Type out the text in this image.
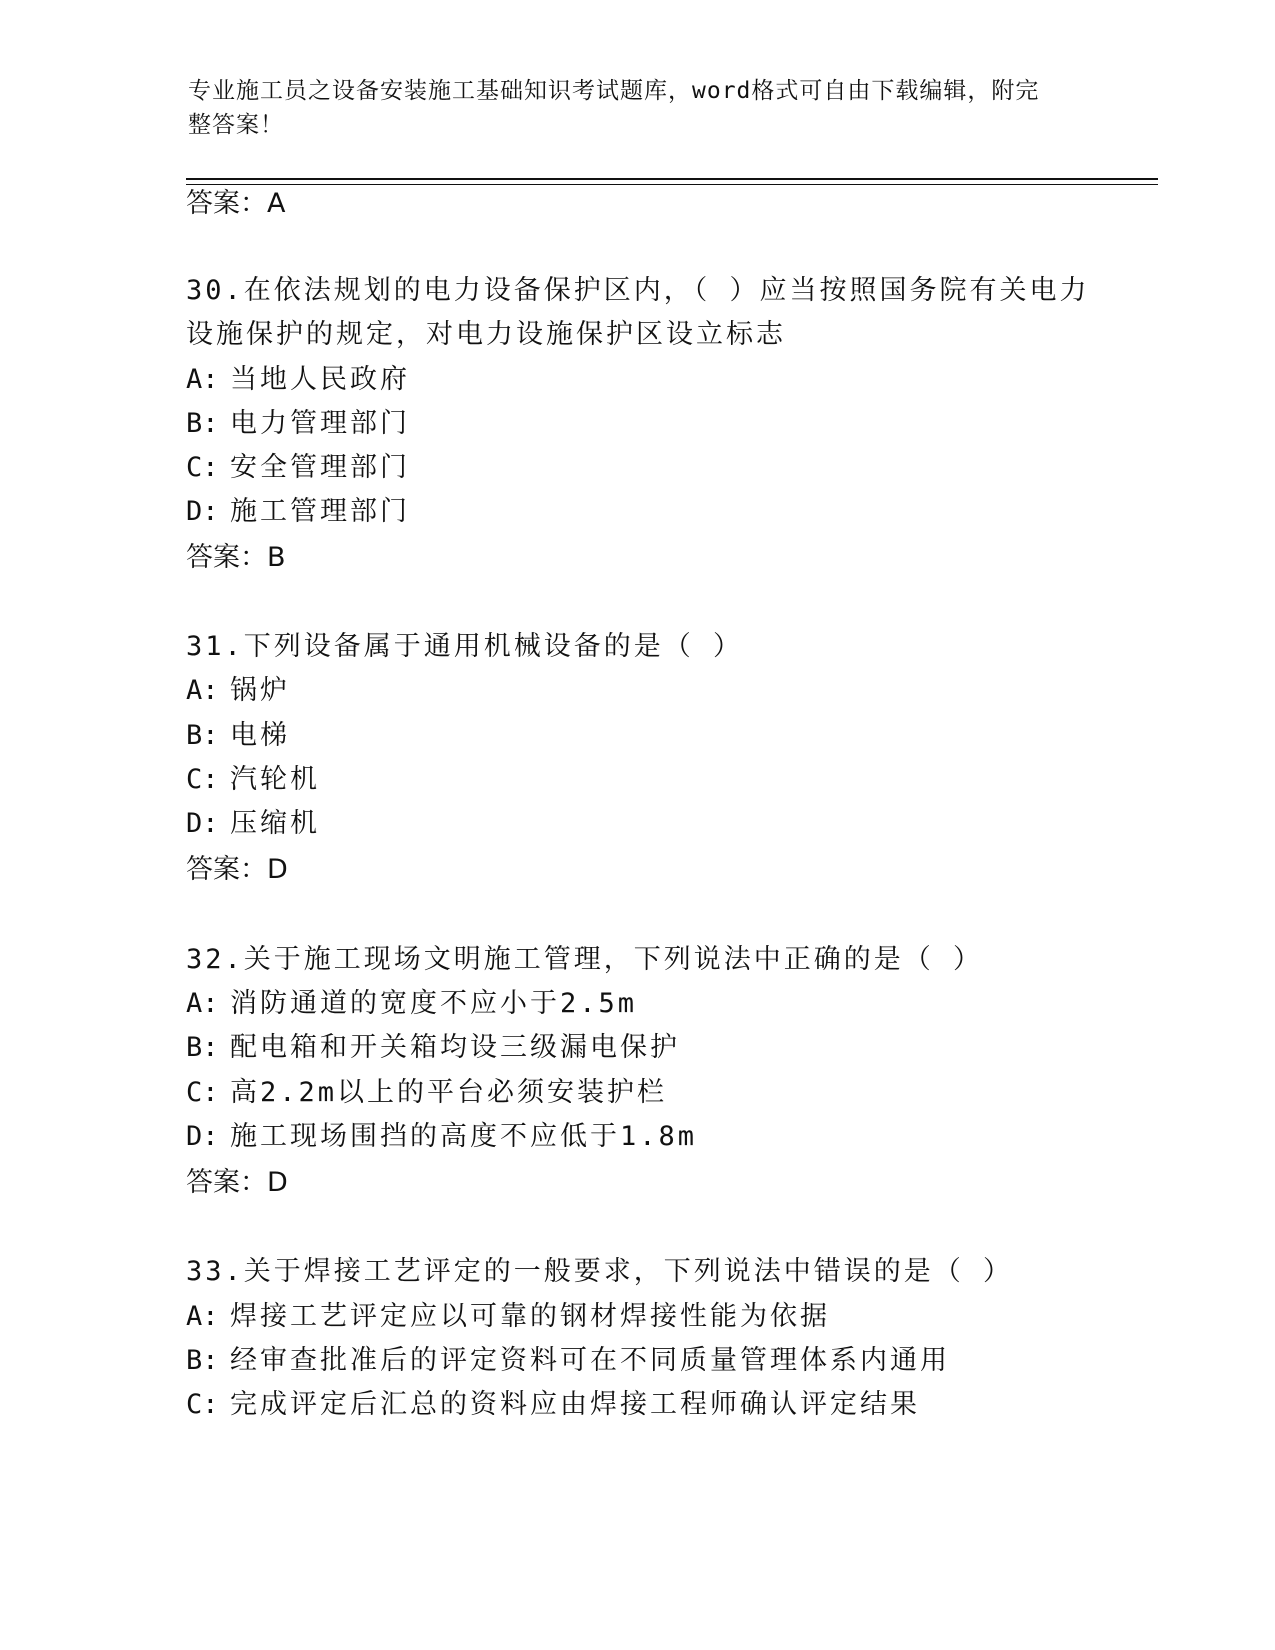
专业施工员之设备安装施工基础知识考试题库，word格式可自由下载编辑，附完
整答案！
答案：A
30.在依法规划的电力设备保护区内，（ ）应当按照国务院有关电力
设施保护的规定，对电力设施保护区设立标志
A: 当地人民政府
B: 电力管理部门
C: 安全管理部门
D: 施工管理部门
答案：B
31.下列设备属于通用机械设备的是（ ）
A: 锅炉
B: 电梯
C: 汽轮机
D: 压缩机
答案：D
32.关于施工现场文明施工管理，下列说法中正确的是（ ）
A: 消防通道的宽度不应小于2.5m
B: 配电箱和开关箱均设三级漏电保护
C: 高2.2m以上的平台必须安装护栏
D: 施工现场围挡的高度不应低于1.8m
答案：D
33.关于焊接工艺评定的一般要求，下列说法中错误的是（ ）
A: 焊接工艺评定应以可靠的钢材焊接性能为依据
B: 经审查批准后的评定资料可在不同质量管理体系内通用
C: 完成评定后汇总的资料应由焊接工程师确认评定结果
